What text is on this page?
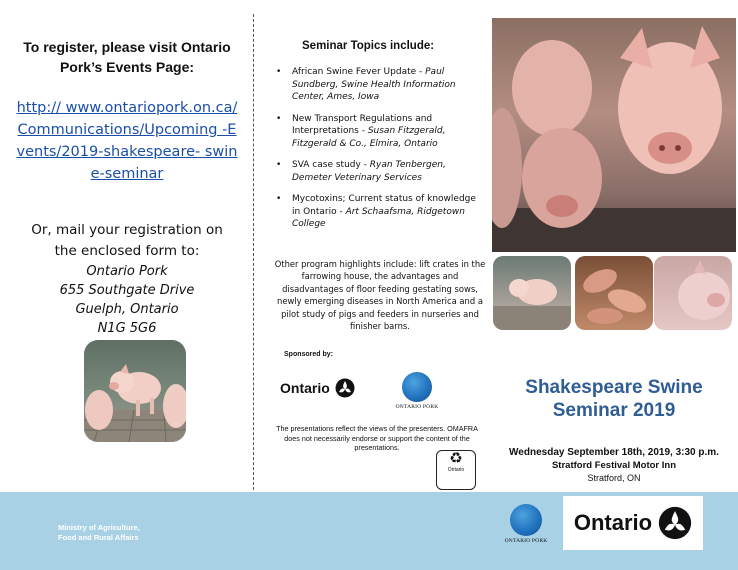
To register, please visit Ontario Pork’s Events Page:
http:// www.ontariopork.on.ca/ Communications/Upcoming -Events/2019-shakespeare- swine-seminar

Or, mail your registration on the enclosed form to:

Ontario Pork
655 Southgate Drive
Guelph, Ontario
N1G 5G6
Seminar Topics include:
• African Swine Fever Update - Paul Sundberg, Swine Health Information Center, Ames, Iowa
• New Transport Regulations and Interpretations - Susan Fitzgerald, Fitzgerald & Co., Elmira, Ontario
• SVA case study - Ryan Tenbergen, Demeter Veterinary Services
• Mycotoxins; Current status of knowledge in Ontario - Art Schaafsma, Ridgetown College

Other program highlights include: lift crates in the farrowing house, the advantages and disadvantages of floor feeding gestating sows, newly emerging diseases in North America and a pilot study of pigs and feeders in nurseries and finisher barns.

Sponsored by:
Ontario
ONTARIO PORK

The presentations reflect the views of the presenters. OMAFRA does not necessarily endorse or support the content of the presentations.

♻
Ontario
Shakespeare Swine Seminar 2019
Wednesday September 18th, 2019, 3:30 p.m.
Stratford Festival Motor Inn
Stratford, ON
Ministry of Agriculture,
Food and Rural Affairs	ONTARIO PORK
Ontario
